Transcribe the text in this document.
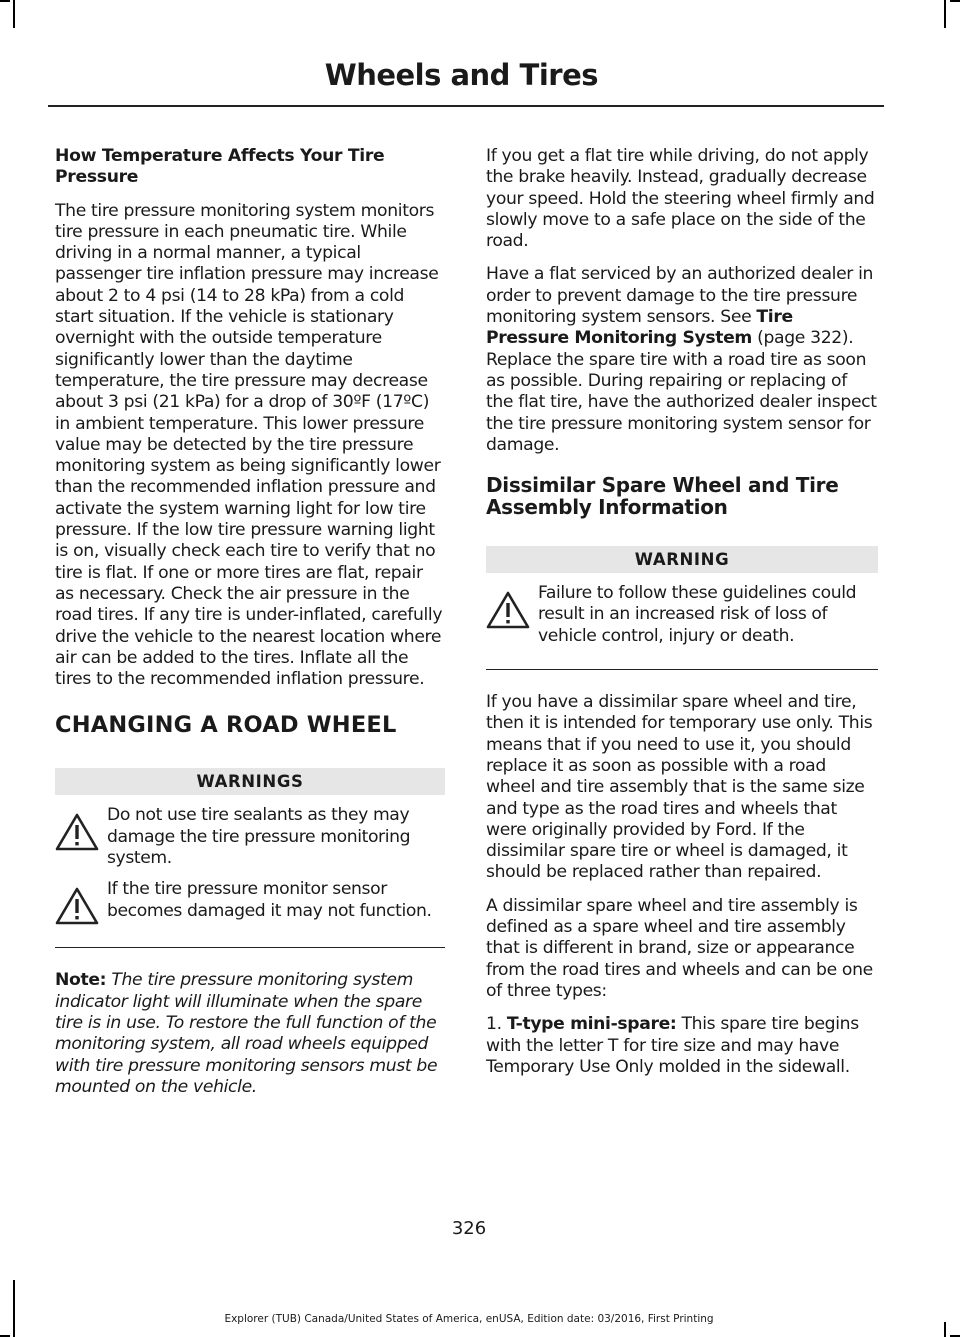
Wheels and Tires
How Temperature Affects Your Tire Pressure

The tire pressure monitoring system monitors tire pressure in each pneumatic tire. While driving in a normal manner, a typical passenger tire inflation pressure may increase about 2 to 4 psi (14 to 28 kPa) from a cold start situation. If the vehicle is stationary overnight with the outside temperature significantly lower than the daytime temperature, the tire pressure may decrease about 3 psi (21 kPa) for a drop of 30ºF (17ºC) in ambient temperature. This lower pressure value may be detected by the tire pressure monitoring system as being significantly lower than the recommended inflation pressure and activate the system warning light for low tire pressure. If the low tire pressure warning light is on, visually check each tire to verify that no tire is flat. If one or more tires are flat, repair as necessary. Check the air pressure in the road tires. If any tire is under-inflated, carefully drive the vehicle to the nearest location where air can be added to the tires. Inflate all the tires to the recommended inflation pressure.

CHANGING A ROAD WHEEL
WARNINGS
Do not use tire sealants as they may damage the tire pressure monitoring system.
If the tire pressure monitor sensor becomes damaged it may not function.

Note: The tire pressure monitoring system indicator light will illuminate when the spare tire is in use. To restore the full function of the monitoring system, all road wheels equipped with tire pressure monitoring sensors must be mounted on the vehicle.

If you get a flat tire while driving, do not apply the brake heavily. Instead, gradually decrease your speed. Hold the steering wheel firmly and slowly move to a safe place on the side of the road.

Have a flat serviced by an authorized dealer in order to prevent damage to the tire pressure monitoring system sensors. See Tire Pressure Monitoring System (page 322). Replace the spare tire with a road tire as soon as possible. During repairing or replacing of the flat tire, have the authorized dealer inspect the tire pressure monitoring system sensor for damage.

Dissimilar Spare Wheel and Tire Assembly Information
WARNING
Failure to follow these guidelines could result in an increased risk of loss of vehicle control, injury or death.

If you have a dissimilar spare wheel and tire, then it is intended for temporary use only. This means that if you need to use it, you should replace it as soon as possible with a road wheel and tire assembly that is the same size and type as the road tires and wheels that were originally provided by Ford. If the dissimilar spare tire or wheel is damaged, it should be replaced rather than repaired.

A dissimilar spare wheel and tire assembly is defined as a spare wheel and tire assembly that is different in brand, size or appearance from the road tires and wheels and can be one of three types:

1. T-type mini-spare: This spare tire begins with the letter T for tire size and may have Temporary Use Only molded in the sidewall.

326
Explorer (TUB) Canada/United States of America, enUSA, Edition date: 03/2016, First Printing
